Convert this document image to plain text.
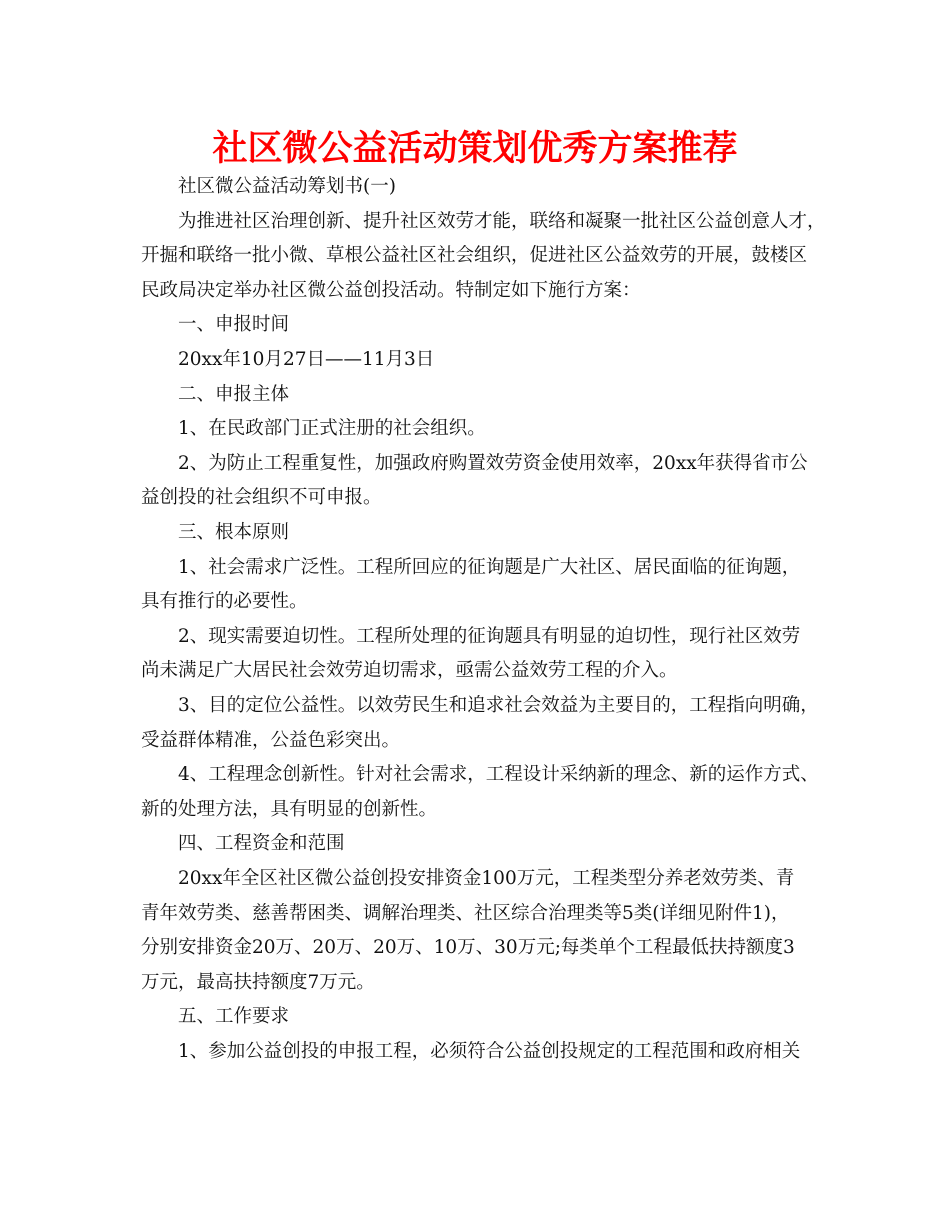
社区微公益活动策划优秀方案推荐
社区微公益活动筹划书(一)
为推进社区治理创新、提升社区效劳才能，联络和凝聚一批社区公益创意人才，
开掘和联络一批小微、草根公益社区社会组织，促进社区公益效劳的开展，鼓楼区
民政局决定举办社区微公益创投活动。特制定如下施行方案：
一、申报时间
20xx年10月27日——11月3日
二、申报主体
1、在民政部门正式注册的社会组织。
2、为防止工程重复性，加强政府购置效劳资金使用效率，20xx年获得省市公
益创投的社会组织不可申报。
三、根本原则
1、社会需求广泛性。工程所回应的征询题是广大社区、居民面临的征询题，
具有推行的必要性。
2、现实需要迫切性。工程所处理的征询题具有明显的迫切性，现行社区效劳
尚未满足广大居民社会效劳迫切需求，亟需公益效劳工程的介入。
3、目的定位公益性。以效劳民生和追求社会效益为主要目的，工程指向明确，
受益群体精准，公益色彩突出。
4、工程理念创新性。针对社会需求，工程设计采纳新的理念、新的运作方式、
新的处理方法，具有明显的创新性。
四、工程资金和范围
20xx年全区社区微公益创投安排资金100万元，工程类型分养老效劳类、青
青年效劳类、慈善帮困类、调解治理类、社区综合治理类等5类(详细见附件1)，
分别安排资金20万、20万、20万、10万、30万元;每类单个工程最低扶持额度3
万元，最高扶持额度7万元。
五、工作要求
1、参加公益创投的申报工程，必须符合公益创投规定的工程范围和政府相关
